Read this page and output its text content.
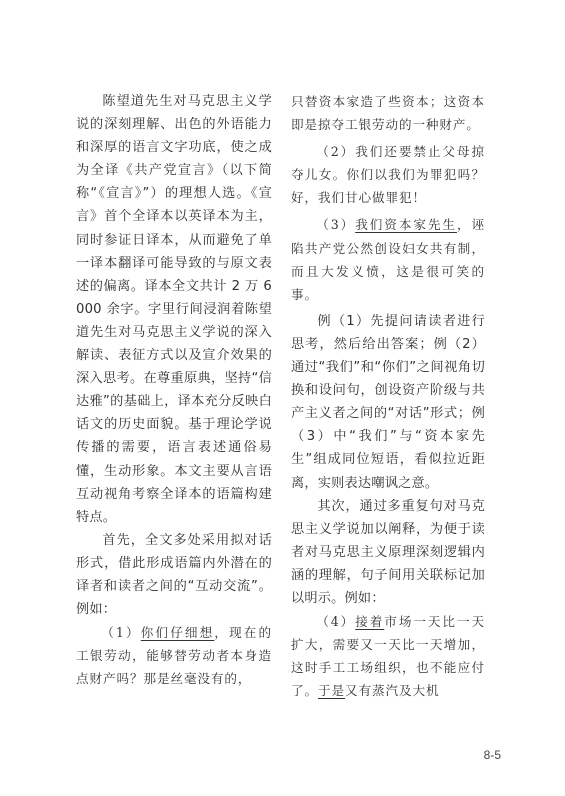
陈望道先生对马克思主义学说的深刻理解、出色的外语能力和深厚的语言文字功底，使之成为全译《共产党宣言》（以下简称“《宣言》”）的理想人选。《宣言》首个全译本以英译本为主，同时参证日译本，从而避免了单一译本翻译可能导致的与原文表述的偏离。译本全文共计 2 万 6 000 余字。字里行间浸润着陈望道先生对马克思主义学说的深入解读、表征方式以及宣介效果的深入思考。在尊重原典，坚持“信达雅”的基础上，译本充分反映白话文的历史面貌。基于理论学说传播的需要，语言表述通俗易懂，生动形象。本文主要从言语互动视角考察全译本的语篇构建特点。

首先，全文多处采用拟对话形式，借此形成语篇内外潜在的译者和读者之间的“互动交流”。例如：

（1）你们仔细想，现在的工银劳动，能够替劳动者本身造点财产吗？那是丝毫没有的，

只替资本家造了些资本；这资本即是掠夺工银劳动的一种财产。

（2）我们还要禁止父母掠夺儿女。你们以我们为罪犯吗？好，我们甘心做罪犯！

（3）我们资本家先生，诬陷共产党公然创设妇女共有制，而且大发义愤，这是很可笑的事。

例（1）先提问请读者进行思考，然后给出答案；例（2）通过“我们”和“你们”之间视角切换和设问句，创设资产阶级与共产主义者之间的“对话”形式；例（3）中“我们”与“资本家先生”组成同位短语，看似拉近距离，实则表达嘲讽之意。

其次，通过多重复句对马克思主义学说加以阐释，为便于读者对马克思主义原理深刻逻辑内涵的理解，句子间用关联标记加以明示。例如：

（4）接着市场一天比一天扩大，需要又一天比一天增加，这时手工工场组织，也不能应付了。于是又有蒸汽及大机

8-5
